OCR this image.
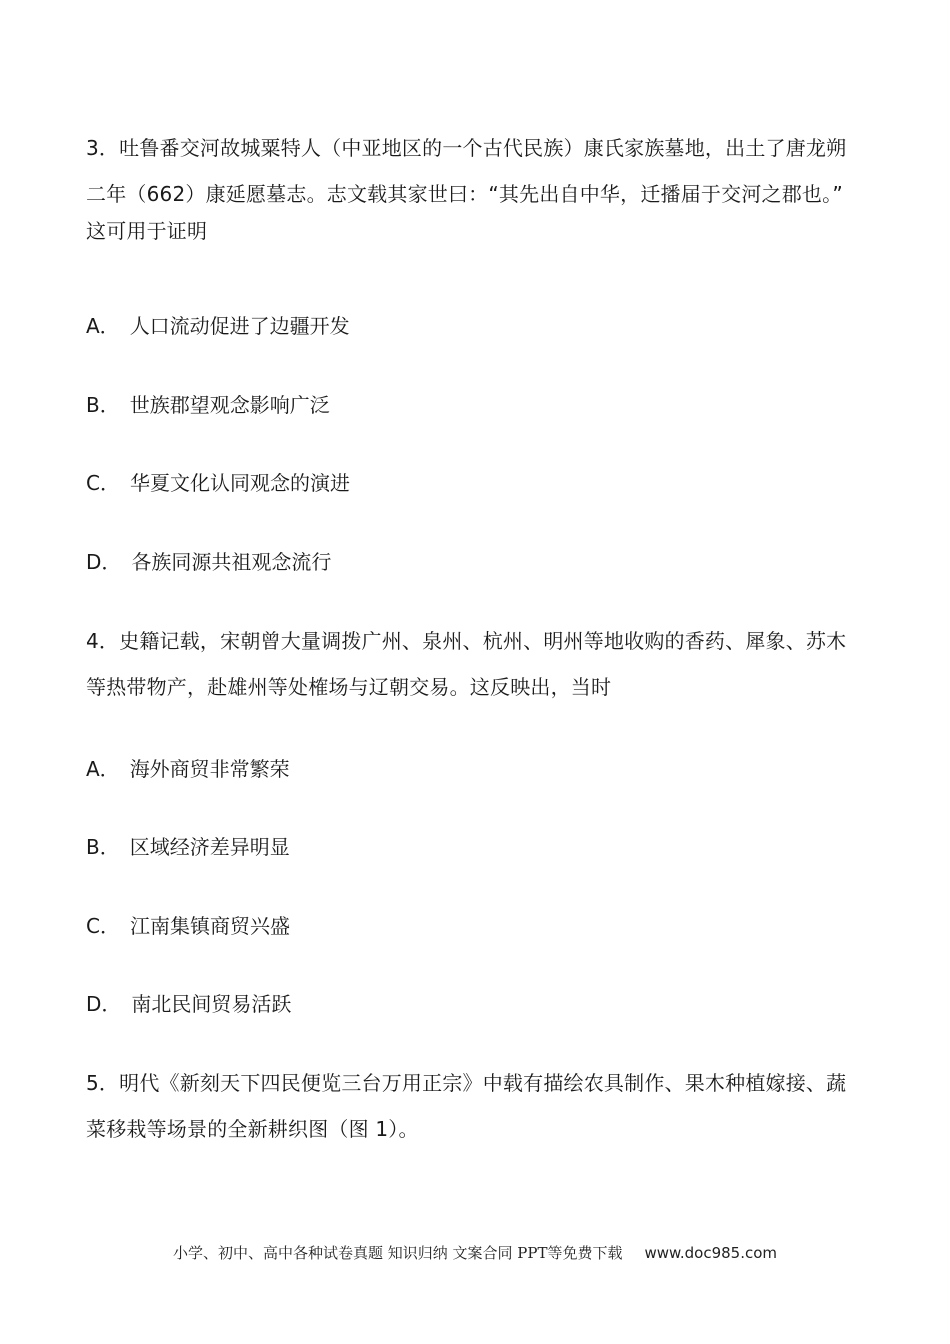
3．吐鲁番交河故城粟特人（中亚地区的一个古代民族）康氏家族墓地，出土了唐龙朔
二年（662）康延愿墓志。志文载其家世曰：“其先出自中华，迁播届于交河之郡也。”
这可用于证明

A． 人口流动促进了边疆开发

B． 世族郡望观念影响广泛

C． 华夏文化认同观念的演进

D． 各族同源共祖观念流行

4．史籍记载，宋朝曾大量调拨广州、泉州、杭州、明州等地收购的香药、犀象、苏木
等热带物产，赴雄州等处榷场与辽朝交易。这反映出，当时

A． 海外商贸非常繁荣

B． 区域经济差异明显

C． 江南集镇商贸兴盛

D． 南北民间贸易活跃

5．明代《新刻天下四民便览三台万用正宗》中载有描绘农具制作、果木种植嫁接、蔬
菜移栽等场景的全新耕织图（图 1）。

小学、初中、高中各种试卷真题 知识归纳 文案合同 PPT等免费下载 www.doc985.com
